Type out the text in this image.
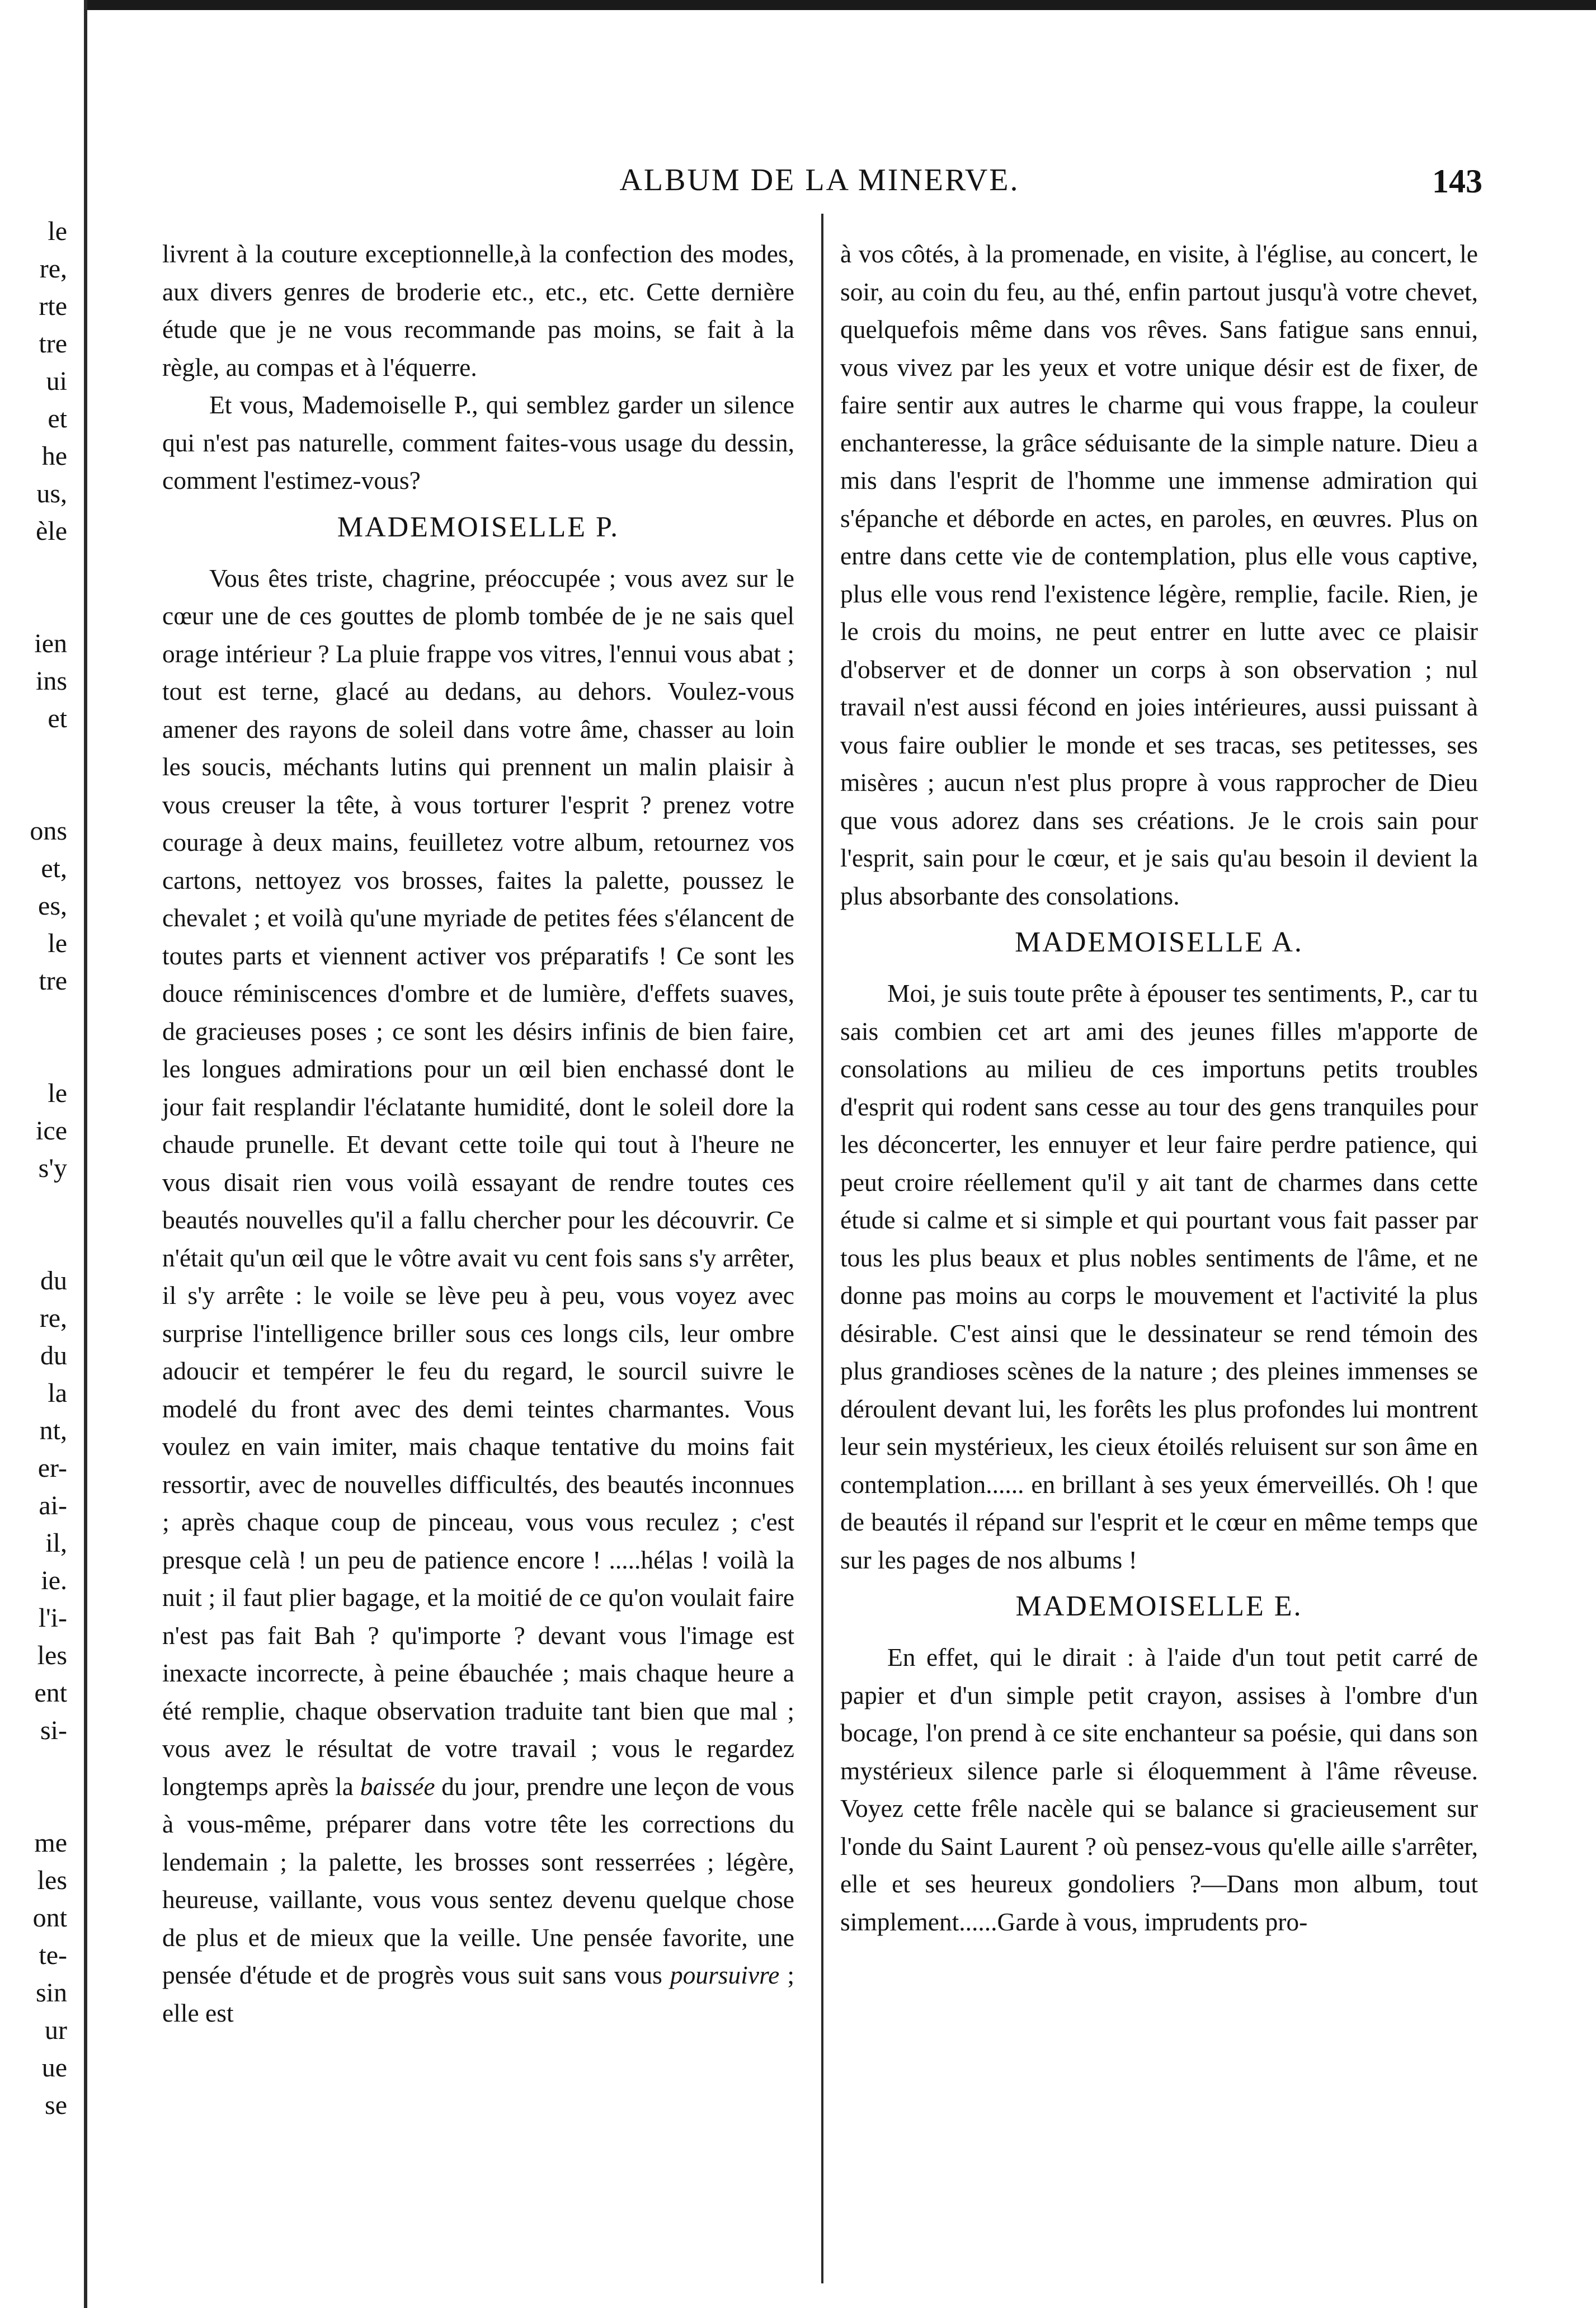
le
re,
rte
tre
ui
et
he
us,
èle
ien
ins
et
ons
et,
es,
le
tre
le
ice
s'y
du
re,
du
la
nt,
er-
ai-
il,
ie.
l'i-
les
ent
si-
me
les
ont
te-
sin
ur
ue
se
ALBUM DE LA MINERVE.	143

livrent à la couture exceptionnelle,à la confection des modes, aux divers genres de broderie etc., etc., etc. Cette dernière étude que je ne vous recommande pas moins, se fait à la règle, au compas et à l'équerre.

Et vous, Mademoiselle P., qui semblez garder un silence qui n'est pas naturelle, comment faites-vous usage du dessin, comment l'estimez-vous?

MADEMOISELLE P.

Vous êtes triste, chagrine, préoccupée ; vous avez sur le cœur une de ces gouttes de plomb tombée de je ne sais quel orage intérieur ? La pluie frappe vos vitres, l'ennui vous abat ; tout est terne, glacé au dedans, au dehors. Voulez-vous amener des rayons de soleil dans votre âme, chasser au loin les soucis, méchants lutins qui prennent un malin plaisir à vous creuser la tête, à vous torturer l'esprit ? prenez votre courage à deux mains, feuilletez votre album, retournez vos cartons, nettoyez vos brosses, faites la palette, poussez le chevalet ; et voilà qu'une myriade de petites fées s'élancent de toutes parts et viennent activer vos préparatifs ! Ce sont les douce réminiscences d'ombre et de lumière, d'effets suaves, de gracieuses poses ; ce sont les désirs infinis de bien faire, les longues admirations pour un œil bien enchassé dont le jour fait resplandir l'éclatante humidité, dont le soleil dore la chaude prunelle. Et devant cette toile qui tout à l'heure ne vous disait rien vous voilà essayant de rendre toutes ces beautés nouvelles qu'il a fallu chercher pour les découvrir. Ce n'était qu'un œil que le vôtre avait vu cent fois sans s'y arrêter, il s'y arrête : le voile se lève peu à peu, vous voyez avec surprise l'intelligence briller sous ces longs cils, leur ombre adoucir et tempérer le feu du regard, le sourcil suivre le modelé du front avec des demi teintes charmantes. Vous voulez en vain imiter, mais chaque tentative du moins fait ressortir, avec de nouvelles difficultés, des beautés inconnues ; après chaque coup de pinceau, vous vous reculez ; c'est presque celà ! un peu de patience encore ! .....hélas ! voilà la nuit ; il faut plier bagage, et la moitié de ce qu'on voulait faire n'est pas fait Bah ? qu'importe ? devant vous l'image est inexacte incorrecte, à peine ébauchée ; mais chaque heure a été remplie, chaque observation traduite tant bien que mal ; vous avez le résultat de votre travail ; vous le regardez longtemps après la baissée du jour, prendre une leçon de vous à vous-même, préparer dans votre tête les corrections du lendemain ; la palette, les brosses sont resserrées ; légère, heureuse, vaillante, vous vous sentez devenu quelque chose de plus et de mieux que la veille. Une pensée favorite, une pensée d'étude et de progrès vous suit sans vous poursuivre ; elle est

à vos côtés, à la promenade, en visite, à l'église, au concert, le soir, au coin du feu, au thé, enfin partout jusqu'à votre chevet, quelquefois même dans vos rêves. Sans fatigue sans ennui, vous vivez par les yeux et votre unique désir est de fixer, de faire sentir aux autres le charme qui vous frappe, la couleur enchanteresse, la grâce séduisante de la simple nature. Dieu a mis dans l'esprit de l'homme une immense admiration qui s'épanche et déborde en actes, en paroles, en œuvres. Plus on entre dans cette vie de contemplation, plus elle vous captive, plus elle vous rend l'existence légère, remplie, facile. Rien, je le crois du moins, ne peut entrer en lutte avec ce plaisir d'observer et de donner un corps à son observation ; nul travail n'est aussi fécond en joies intérieures, aussi puissant à vous faire oublier le monde et ses tracas, ses petitesses, ses misères ; aucun n'est plus propre à vous rapprocher de Dieu que vous adorez dans ses créations. Je le crois sain pour l'esprit, sain pour le cœur, et je sais qu'au besoin il devient la plus absorbante des consolations.

MADEMOISELLE A.

Moi, je suis toute prête à épouser tes sentiments, P., car tu sais combien cet art ami des jeunes filles m'apporte de consolations au milieu de ces importuns petits troubles d'esprit qui rodent sans cesse au tour des gens tranquiles pour les déconcerter, les ennuyer et leur faire perdre patience, qui peut croire réellement qu'il y ait tant de charmes dans cette étude si calme et si simple et qui pourtant vous fait passer par tous les plus beaux et plus nobles sentiments de l'âme, et ne donne pas moins au corps le mouvement et l'activité la plus désirable. C'est ainsi que le dessinateur se rend témoin des plus grandioses scènes de la nature ; des pleines immenses se déroulent devant lui, les forêts les plus profondes lui montrent leur sein mystérieux, les cieux étoilés reluisent sur son âme en contemplation...... en brillant à ses yeux émerveillés. Oh ! que de beautés il répand sur l'esprit et le cœur en même temps que sur les pages de nos albums !

MADEMOISELLE E.

En effet, qui le dirait : à l'aide d'un tout petit carré de papier et d'un simple petit crayon, assises à l'ombre d'un bocage, l'on prend à ce site enchanteur sa poésie, qui dans son mystérieux silence parle si éloquemment à l'âme rêveuse. Voyez cette frêle nacèle qui se balance si gracieusement sur l'onde du Saint Laurent ? où pensez-vous qu'elle aille s'arrêter, elle et ses heureux gondoliers ?—Dans mon album, tout simplement......Garde à vous, imprudents pro-
